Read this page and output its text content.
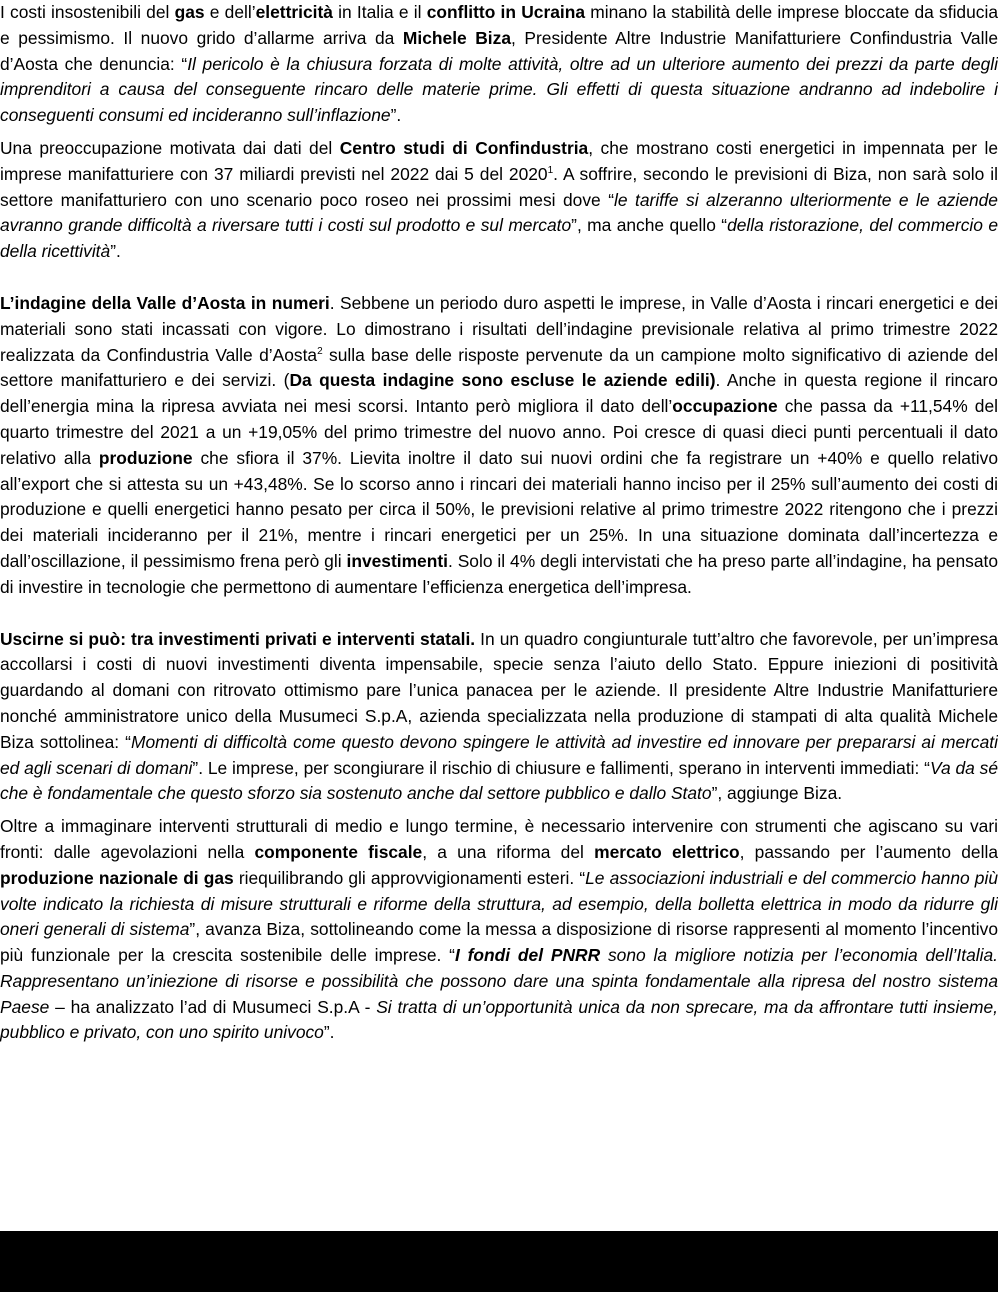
I costi insostenibili del gas e dell’elettricità in Italia e il conflitto in Ucraina minano la stabilità delle imprese bloccate da sfiducia e pessimismo. Il nuovo grido d’allarme arriva da Michele Biza, Presidente Altre Industrie Manifatturiere Confindustria Valle d’Aosta che denuncia: “Il pericolo è la chiusura forzata di molte attività, oltre ad un ulteriore aumento dei prezzi da parte degli imprenditori a causa del conseguente rincaro delle materie prime. Gli effetti di questa situazione andranno ad indebolire i conseguenti consumi ed incideranno sull’inflazione”.

Una preoccupazione motivata dai dati del Centro studi di Confindustria, che mostrano costi energetici in impennata per le imprese manifatturiere con 37 miliardi previsti nel 2022 dai 5 del 2020$^1$. A soffrire, secondo le previsioni di Biza, non sarà solo il settore manifatturiero con uno scenario poco roseo nei prossimi mesi dove “le tariffe si alzeranno ulteriormente e le aziende avranno grande difficoltà a riversare tutti i costi sul prodotto e sul mercato”, ma anche quello “della ristorazione, del commercio e della ricettività”.

L’indagine della Valle d’Aosta in numeri. Sebbene un periodo duro aspetti le imprese, in Valle d’Aosta i rincari energetici e dei materiali sono stati incassati con vigore. Lo dimostrano i risultati dell’indagine previsionale relativa al primo trimestre 2022 realizzata da Confindustria Valle d’Aosta$^2$ sulla base delle risposte pervenute da un campione molto significativo di aziende del settore manifatturiero e dei servizi. (Da questa indagine sono escluse le aziende edili). Anche in questa regione il rincaro dell’energia mina la ripresa avviata nei mesi scorsi. Intanto però migliora il dato dell’occupazione che passa da +11,54% del quarto trimestre del 2021 a un +19,05% del primo trimestre del nuovo anno. Poi cresce di quasi dieci punti percentuali il dato relativo alla produzione che sfiora il 37%. Lievita inoltre il dato sui nuovi ordini che fa registrare un +40% e quello relativo all’export che si attesta su un +43,48%. Se lo scorso anno i rincari dei materiali hanno inciso per il 25% sull’aumento dei costi di produzione e quelli energetici hanno pesato per circa il 50%, le previsioni relative al primo trimestre 2022 ritengono che i prezzi dei materiali incideranno per il 21%, mentre i rincari energetici per un 25%. In una situazione dominata dall’incertezza e dall’oscillazione, il pessimismo frena però gli investimenti. Solo il 4% degli intervistati che ha preso parte all’indagine, ha pensato di investire in tecnologie che permettono di aumentare l’efficienza energetica dell’impresa.

Uscirne si può: tra investimenti privati e interventi statali. In un quadro congiunturale tutt’altro che favorevole, per un’impresa accollarsi i costi di nuovi investimenti diventa impensabile, specie senza l’aiuto dello Stato. Eppure iniezioni di positività guardando al domani con ritrovato ottimismo pare l’unica panacea per le aziende. Il presidente Altre Industrie Manifatturiere nonché amministratore unico della Musumeci S.p.A, azienda specializzata nella produzione di stampati di alta qualità Michele Biza sottolinea: “Momenti di difficoltà come questo devono spingere le attività ad investire ed innovare per prepararsi ai mercati ed agli scenari di domani”. Le imprese, per scongiurare il rischio di chiusure e fallimenti, sperano in interventi immediati: “Va da sé che è fondamentale che questo sforzo sia sostenuto anche dal settore pubblico e dallo Stato”, aggiunge Biza.

Oltre a immaginare interventi strutturali di medio e lungo termine, è necessario intervenire con strumenti che agiscano su vari fronti: dalle agevolazioni nella componente fiscale, a una riforma del mercato elettrico, passando per l’aumento della produzione nazionale di gas riequilibrando gli approvvigionamenti esteri. “Le associazioni industriali e del commercio hanno più volte indicato la richiesta di misure strutturali e riforme della struttura, ad esempio, della bolletta elettrica in modo da ridurre gli oneri generali di sistema”, avanza Biza, sottolineando come la messa a disposizione di risorse rappresenti al momento l’incentivo più funzionale per la crescita sostenibile delle imprese. “I fondi del PNRR sono la migliore notizia per l’economia dell’Italia. Rappresentano un’iniezione di risorse e possibilità che possono dare una spinta fondamentale alla ripresa del nostro sistema Paese – ha analizzato l’ad di Musumeci S.p.A - Si tratta di un’opportunità unica da non sprecare, ma da affrontare tutti insieme, pubblico e privato, con uno spirito univoco”.
